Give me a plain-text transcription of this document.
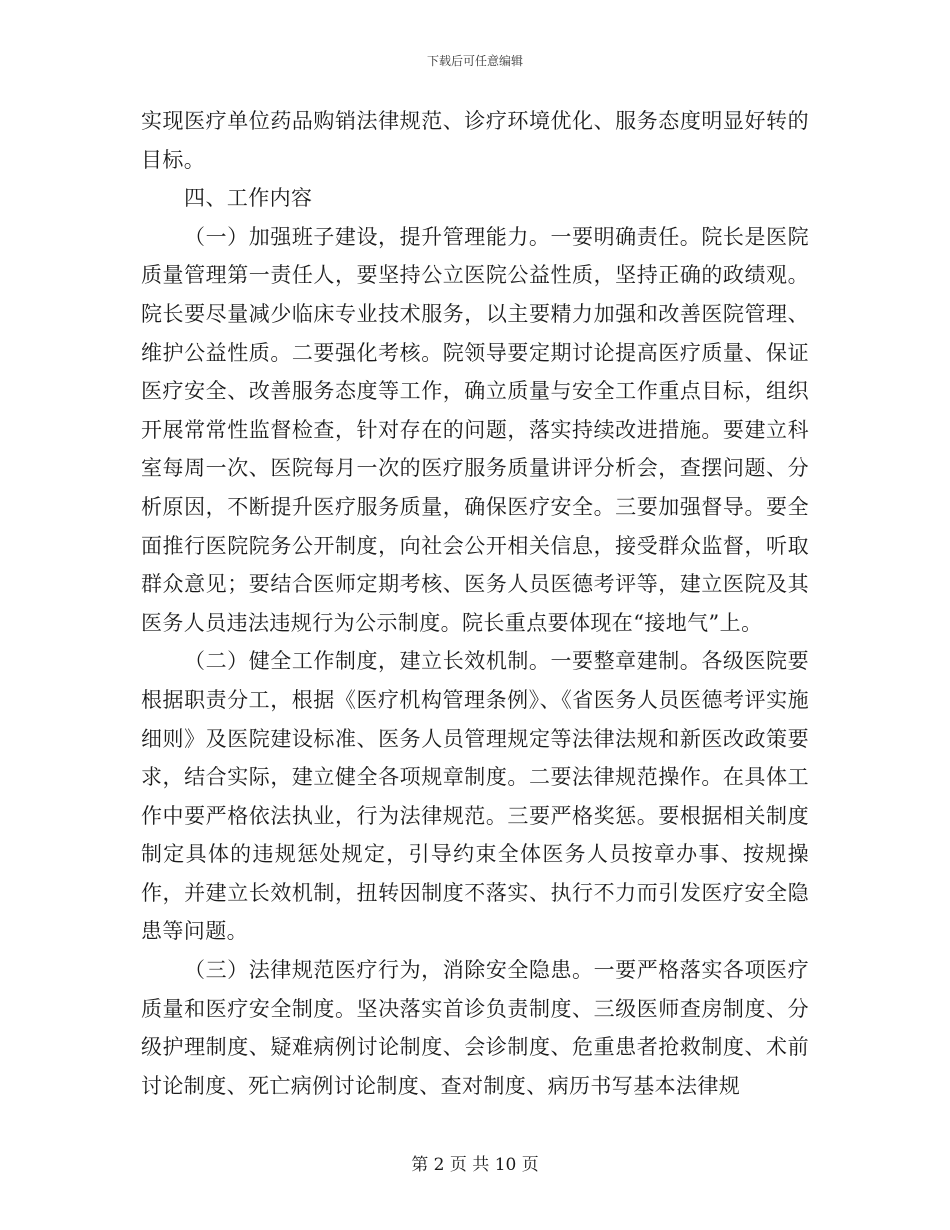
下载后可任意编辑

实现医疗单位药品购销法律规范、诊疗环境优化、服务态度明显好转的目标。

四、工作内容

（一）加强班子建设，提升管理能力。一要明确责任。院长是医院质量管理第一责任人，要坚持公立医院公益性质，坚持正确的政绩观。院长要尽量减少临床专业技术服务，以主要精力加强和改善医院管理、维护公益性质。二要强化考核。院领导要定期讨论提高医疗质量、保证医疗安全、改善服务态度等工作，确立质量与安全工作重点目标，组织开展常常性监督检查，针对存在的问题，落实持续改进措施。要建立科室每周一次、医院每月一次的医疗服务质量讲评分析会，查摆问题、分析原因，不断提升医疗服务质量，确保医疗安全。三要加强督导。要全面推行医院院务公开制度，向社会公开相关信息，接受群众监督，听取群众意见；要结合医师定期考核、医务人员医德考评等，建立医院及其医务人员违法违规行为公示制度。院长重点要体现在“接地气”上。

（二）健全工作制度，建立长效机制。一要整章建制。各级医院要根据职责分工，根据《医疗机构管理条例》、《省医务人员医德考评实施细则》及医院建设标准、医务人员管理规定等法律法规和新医改政策要求，结合实际，建立健全各项规章制度。二要法律规范操作。在具体工作中要严格依法执业，行为法律规范。三要严格奖惩。要根据相关制度制定具体的违规惩处规定，引导约束全体医务人员按章办事、按规操作，并建立长效机制，扭转因制度不落实、执行不力而引发医疗安全隐患等问题。

（三）法律规范医疗行为，消除安全隐患。一要严格落实各项医疗质量和医疗安全制度。坚决落实首诊负责制度、三级医师查房制度、分级护理制度、疑难病例讨论制度、会诊制度、危重患者抢救制度、术前讨论制度、死亡病例讨论制度、查对制度、病历书写基本法律规

第 2 页 共 10 页
